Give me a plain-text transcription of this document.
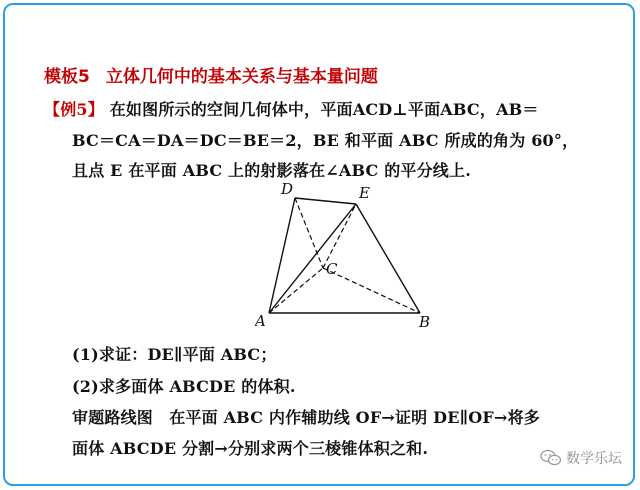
模板5 立体几何中的基本关系与基本量问题
【例5】 在如图所示的空间几何体中，平面ACD⊥平面ABC，AB＝
BC＝CA＝DA＝DC＝BE＝2，BE 和平面 ABC 所成的角为 60°，
且点 E 在平面 ABC 上的射影落在∠ABC 的平分线上.
A	B
C
D	E
(1)求证：DE∥平面 ABC；
(2)求多面体 ABCDE 的体积.
审题路线图　在平面 ABC 内作辅助线 OF→证明 DE∥OF→将多
面体 ABCDE 分割→分别求两个三棱锥体积之和.
数学乐坛
